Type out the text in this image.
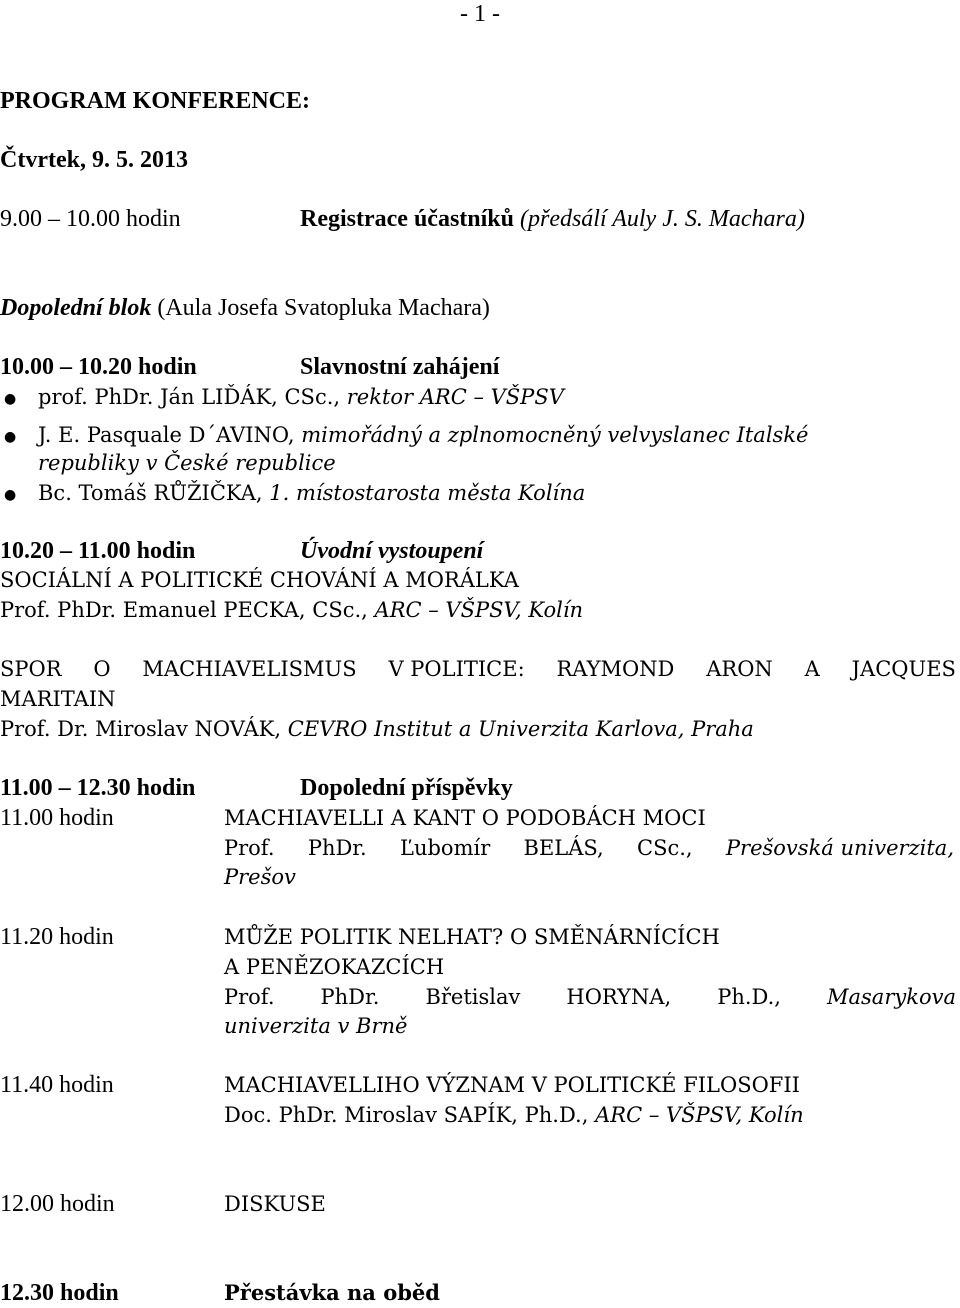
- 1 -
PROGRAM KONFERENCE:
Čtvrtek, 9. 5. 2013
9.00 – 10.00 hodin	Registrace účastníků (předsálí Auly J. S. Machara)
Dopolední blok (Aula Josefa Svatopluka Machara)
10.00 – 10.20 hodin	Slavnostní zahájení
● prof. PhDr. Ján LIĎÁK, CSc., rektor ARC – VŠPSV
● J. E. Pasquale D´AVINO, mimořádný a zplnomocněný velvyslanec Italské
republiky v České republice
● Bc. Tomáš RŮŽIČKA, 1. místostarosta města Kolína
10.20 – 11.00 hodin	Úvodní vystoupení
SOCIÁLNÍ A POLITICKÉ CHOVÁNÍ A MORÁLKA
Prof. PhDr. Emanuel PECKA, CSc., ARC – VŠPSV, Kolín
SPOR O MACHIAVELISMUS V POLITICE: RAYMOND ARON A JACQUES
MARITAIN
Prof. Dr. Miroslav NOVÁK, CEVRO Institut a Univerzita Karlova, Praha
11.00 – 12.30 hodin	Dopolední příspěvky
11.00 hodin	MACHIAVELLI A KANT O PODOBÁCH MOCI
Prof. PhDr. Ľubomír BELÁS, CSc., Prešovská univerzita,
Prešov
11.20 hodin	MŮŽE POLITIK NELHAT? O SMĚNÁRNÍCÍCH
A PENĚZOKAZCÍCH
Prof. PhDr. Břetislav HORYNA, Ph.D., Masarykova
univerzita v Brně
11.40 hodin	MACHIAVELLIHO VÝZNAM V POLITICKÉ FILOSOFII
Doc. PhDr. Miroslav SAPÍK, Ph.D., ARC – VŠPSV, Kolín
12.00 hodin	DISKUSE
12.30 hodin	Přestávka na oběd
